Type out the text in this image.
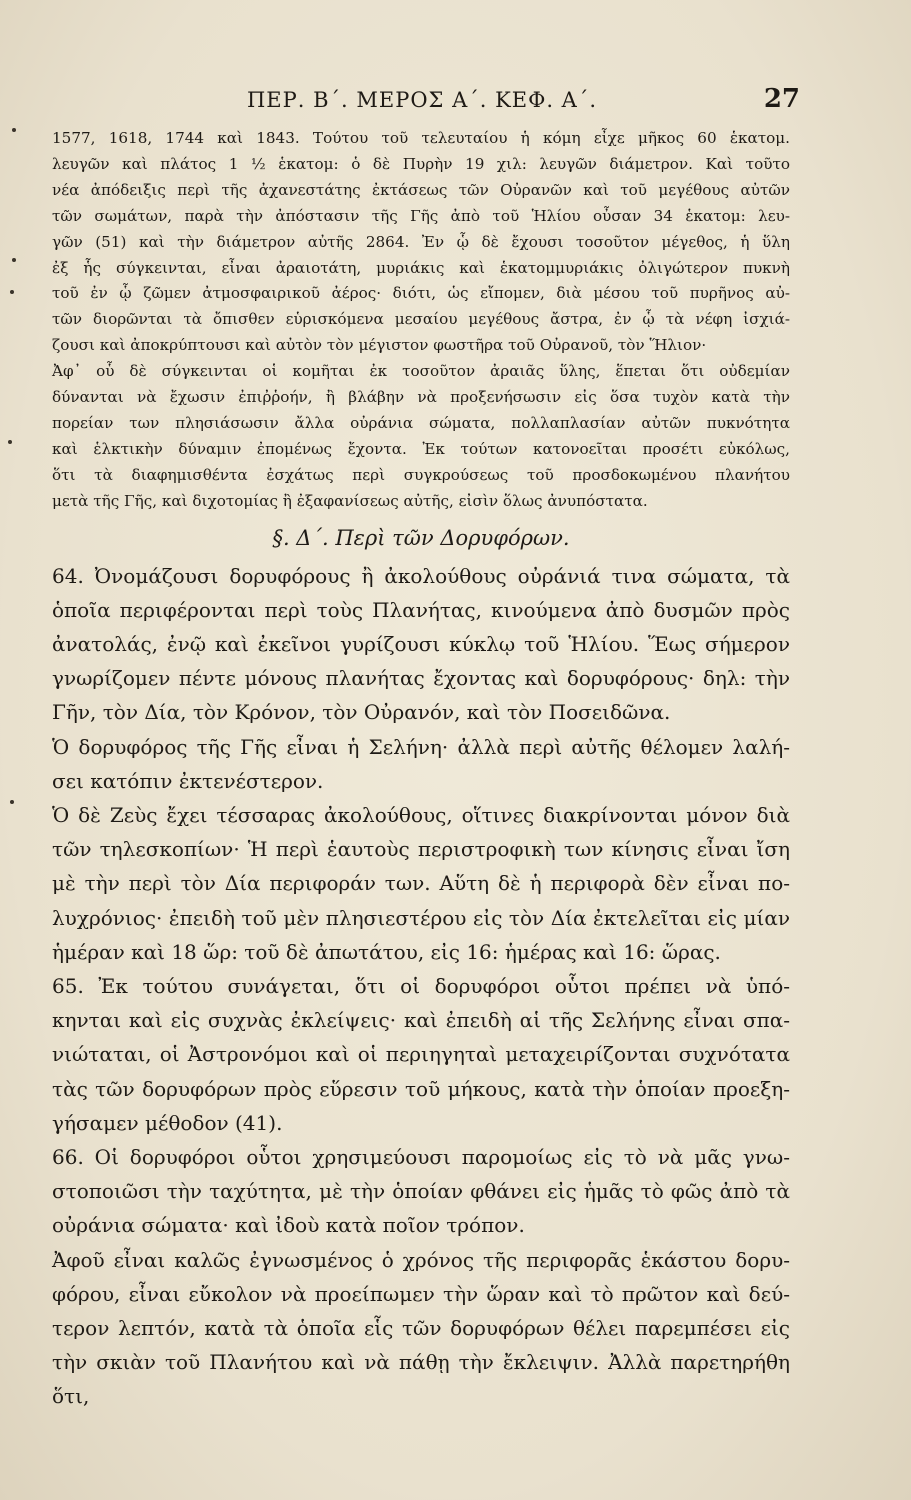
ΠΕΡ. Β΄. ΜΕΡΟΣ Α΄. ΚΕΦ. Α΄.	27

1577, 1618, 1744 καὶ 1843. Τούτου τοῦ τελευταίου ἡ κόμη εἶχε μῆκος 60 ἑκατομ.

λευγῶν καὶ πλάτος 1 ½ ἑκατομ: ὁ δὲ Πυρὴν 19 χιλ: λευγῶν διάμετρον. Καὶ τοῦτο

νέα ἀπόδειξις περὶ τῆς ἀχανεστάτης ἐκτάσεως τῶν Οὐρανῶν καὶ τοῦ μεγέθους αὐτῶν

τῶν σωμάτων, παρὰ τὴν ἀπόστασιν τῆς Γῆς ἀπὸ τοῦ Ἡλίου οὖσαν 34 ἑκατομ: λευ-

γῶν (51) καὶ τὴν διάμετρον αὐτῆς 2864. Ἐν ᾧ δὲ ἔχουσι τοσοῦτον μέγεθος, ἡ ὕλη

ἐξ ἧς σύγκεινται, εἶναι ἀραιοτάτη, μυριάκις καὶ ἑκατομμυριάκις ὀλιγώτερον πυκνὴ

τοῦ ἐν ᾧ ζῶμεν ἀτμοσφαιρικοῦ ἀέρος· διότι, ὡς εἴπομεν, διὰ μέσου τοῦ πυρῆνος αὐ-

τῶν διορῶνται τὰ ὄπισθεν εὑρισκόμενα μεσαίου μεγέθους ἄστρα, ἐν ᾧ τὰ νέφη ἰσχιά-

ζουσι καὶ ἀποκρύπτουσι καὶ αὐτὸν τὸν μέγιστον φωστῆρα τοῦ Οὐρανοῦ, τὸν Ἥλιον·

Ἀφ᾽ οὗ δὲ σύγκεινται οἱ κομῆται ἐκ τοσοῦτον ἀραιᾶς ὕλης, ἕπεται ὅτι οὐδεμίαν

δύνανται νὰ ἔχωσιν ἐπιῤῥοήν, ἢ βλάβην νὰ προξενήσωσιν εἰς ὅσα τυχὸν κατὰ τὴν

πορείαν των πλησιάσωσιν ἄλλα οὐράνια σώματα, πολλαπλασίαν αὐτῶν πυκνότητα

καὶ ἑλκτικὴν δύναμιν ἐπομένως ἔχοντα. Ἐκ τούτων κατονοεῖται προσέτι εὐκόλως,

ὅτι τὰ διαφημισθέντα ἐσχάτως περὶ συγκρούσεως τοῦ προσδοκωμένου πλανήτου

μετὰ τῆς Γῆς, καὶ διχοτομίας ἢ ἐξαφανίσεως αὐτῆς, εἰσὶν ὅλως ἀνυπόστατα.

§. Δ΄. Περὶ τῶν Δορυφόρων.

64. Ὀνομάζουσι δορυφόρους ἢ ἀκολούθους οὐράνιά τινα σώματα, τὰ

ὁποῖα περιφέρονται περὶ τοὺς Πλανήτας, κινούμενα ἀπὸ δυσμῶν πρὸς

ἀνατολάς, ἐνῷ καὶ ἐκεῖνοι γυρίζουσι κύκλῳ τοῦ Ἡλίου. Ἕως σήμερον

γνωρίζομεν πέντε μόνους πλανήτας ἔχοντας καὶ δορυφόρους· δηλ: τὴν

Γῆν, τὸν Δία, τὸν Κρόνον, τὸν Οὐρανόν, καὶ τὸν Ποσειδῶνα.

Ὁ δορυφόρος τῆς Γῆς εἶναι ἡ Σελήνη· ἀλλὰ περὶ αὐτῆς θέλομεν λαλή-

σει κατόπιν ἐκτενέστερον.

Ὁ δὲ Ζεὺς ἔχει τέσσαρας ἀκολούθους, οἵτινες διακρίνονται μόνον διὰ

τῶν τηλεσκοπίων· Ἡ περὶ ἑαυτοὺς περιστροφικὴ των κίνησις εἶναι ἴση

μὲ τὴν περὶ τὸν Δία περιφοράν των. Αὕτη δὲ ἡ περιφορὰ δὲν εἶναι πο-

λυχρόνιος· ἐπειδὴ τοῦ μὲν πλησιεστέρου εἰς τὸν Δία ἐκτελεῖται εἰς μίαν

ἡμέραν καὶ 18 ὥρ: τοῦ δὲ ἀπωτάτου, εἰς 16: ἡμέρας καὶ 16: ὥρας.

65. Ἐκ τούτου συνάγεται, ὅτι οἱ δορυφόροι οὗτοι πρέπει νὰ ὑπό-

κηνται καὶ εἰς συχνὰς ἐκλείψεις· καὶ ἐπειδὴ αἱ τῆς Σελήνης εἶναι σπα-

νιώταται, οἱ Ἀστρονόμοι καὶ οἱ περιηγηταὶ μεταχειρίζονται συχνότατα

τὰς τῶν δορυφόρων πρὸς εὕρεσιν τοῦ μήκους, κατὰ τὴν ὁποίαν προεξη-

γήσαμεν μέθοδον (41).

66. Οἱ δορυφόροι οὗτοι χρησιμεύουσι παρομοίως εἰς τὸ νὰ μᾶς γνω-

στοποιῶσι τὴν ταχύτητα, μὲ τὴν ὁποίαν φθάνει εἰς ἡμᾶς τὸ φῶς ἀπὸ τὰ

οὐράνια σώματα· καὶ ἰδοὺ κατὰ ποῖον τρόπον.

Ἀφοῦ εἶναι καλῶς ἐγνωσμένος ὁ χρόνος τῆς περιφορᾶς ἑκάστου δορυ-

φόρου, εἶναι εὔκολον νὰ προείπωμεν τὴν ὥραν καὶ τὸ πρῶτον καὶ δεύ-

τερον λεπτόν, κατὰ τὰ ὁποῖα εἷς τῶν δορυφόρων θέλει παρεμπέσει εἰς

τὴν σκιὰν τοῦ Πλανήτου καὶ νὰ πάθῃ τὴν ἔκλειψιν. Ἀλλὰ παρετηρήθη ὅτι,
